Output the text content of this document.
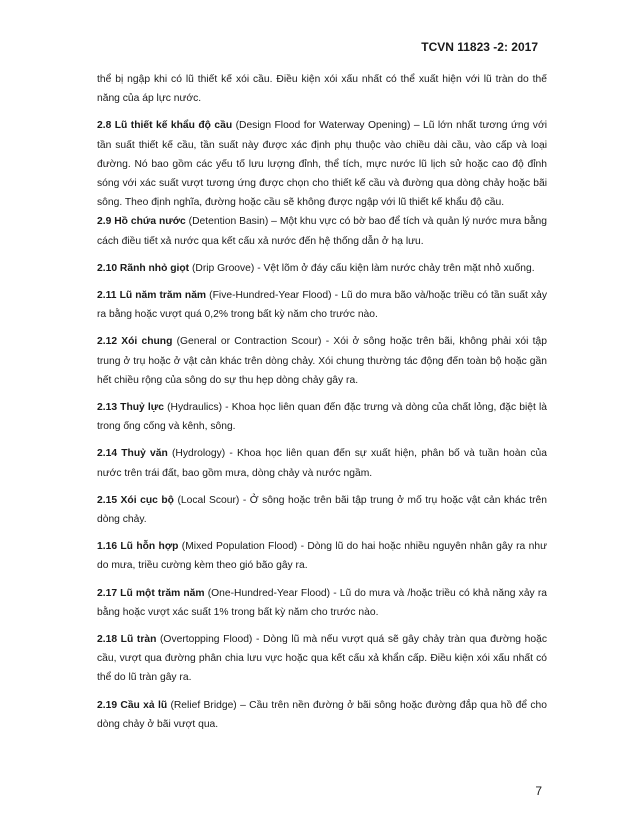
TCVN 11823 -2: 2017

thể bị ngập khi có lũ thiết kế xói cầu. Điều kiện xói xấu nhất có thể xuất hiện với lũ tràn do thế năng của áp lực nước.

2.8 Lũ thiết kế khẩu độ cầu (Design Flood for Waterway Opening) – Lũ lớn nhất tương ứng với tần suất thiết kế cầu, tần suất này được xác định phụ thuộc vào chiều dài cầu, vào cấp và loại đường. Nó bao gồm các yếu tố lưu lượng đỉnh, thể tích, mực nước lũ lịch sử hoặc cao độ đỉnh sóng với xác suất vượt tương ứng được chọn cho thiết kế cầu và đường qua dòng chảy hoặc bãi sông. Theo định nghĩa, đường hoặc cầu sẽ không được ngập với lũ thiết kế khẩu độ cầu.

2.9 Hồ chứa nước (Detention Basin) – Một khu vực có bờ bao để tích và quản lý nước mưa bằng cách điều tiết xả nước qua kết cấu xả nước đến hệ thống dẫn ở hạ lưu.

2.10 Rãnh nhỏ giọt (Drip Groove) - Vệt lõm ở đáy cấu kiện làm nước chảy trên mặt nhỏ xuống.

2.11 Lũ năm trăm năm (Five-Hundred-Year Flood) - Lũ do mưa bão và/hoặc triều có tần suất xảy ra bằng hoặc vượt quá 0,2% trong bất kỳ năm cho trước nào.

2.12 Xói chung (General or Contraction Scour) - Xói ở sông hoặc trên bãi, không phải xói tập trung ở trụ hoặc ở vật cản khác trên dòng chảy. Xói chung thường tác động đến toàn bộ hoặc gần hết chiều rộng của sông do sự thu hẹp dòng chảy gây ra.

2.13 Thuỷ lực (Hydraulics) - Khoa học liên quan đến đặc trưng và dòng của chất lỏng, đặc biệt là trong ống cống và kênh, sông.

2.14 Thuỷ văn (Hydrology) - Khoa học liên quan đến sự xuất hiện, phân bố và tuần hoàn của nước trên trái đất, bao gồm mưa, dòng chảy và nước ngầm.

2.15 Xói cục bộ (Local Scour) - Ở sông hoặc trên bãi tập trung ở mố trụ hoặc vật cản khác trên dòng chảy.

1.16 Lũ hỗn hợp (Mixed Population Flood) - Dòng lũ do hai hoặc nhiều nguyên nhân gây ra như do mưa, triều cường kèm theo gió bão gây ra.

2.17 Lũ một trăm năm (One-Hundred-Year Flood) - Lũ do mưa và /hoặc triều có khả năng xảy ra bằng hoặc vượt xác suất 1% trong bất kỳ năm cho trước nào.

2.18 Lũ tràn (Overtopping Flood) - Dòng lũ mà nếu vượt quá sẽ gây chảy tràn qua đường hoặc cầu, vượt qua đường phân chia lưu vực hoặc qua kết cấu xả khẩn cấp. Điều kiện xói xấu nhất có thể do lũ tràn gây ra.

2.19 Cầu xả lũ (Relief Bridge) – Cầu trên nền đường ở bãi sông hoặc đường đắp qua hồ để cho dòng chảy ở bãi vượt qua.

7
